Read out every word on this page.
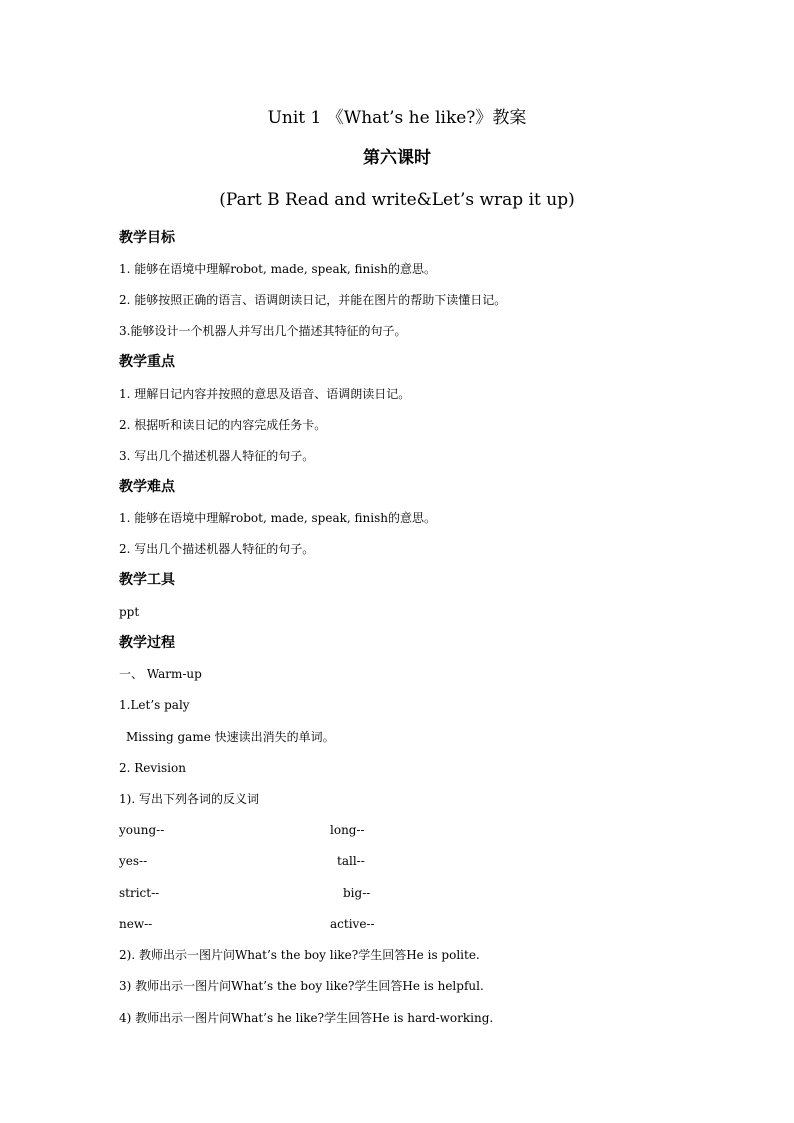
Unit 1 《What’s he like?》教案
第六课时
(Part B Read and write&Let’s wrap it up)
教学目标
1. 能够在语境中理解robot, made, speak, finish的意思。
2. 能够按照正确的语言、语调朗读日记，并能在图片的帮助下读懂日记。
3.能够设计一个机器人并写出几个描述其特征的句子。
教学重点
1. 理解日记内容并按照的意思及语音、语调朗读日记。
2. 根据听和读日记的内容完成任务卡。
3. 写出几个描述机器人特征的句子。
教学难点
1. 能够在语境中理解robot, made, speak, finish的意思。
2. 写出几个描述机器人特征的句子。
教学工具
ppt
教学过程
一、 Warm-up
1.Let’s paly
Missing game 快速读出消失的单词。
2. Revision
1). 写出下列各词的反义词
young--	long--
yes--	tall--
strict--	big--
new--	active--
2). 教师出示一图片问What’s the boy like?学生回答He is polite.
3) 教师出示一图片问What’s the boy like?学生回答He is helpful.
4) 教师出示一图片问What’s he like?学生回答He is hard-working.
